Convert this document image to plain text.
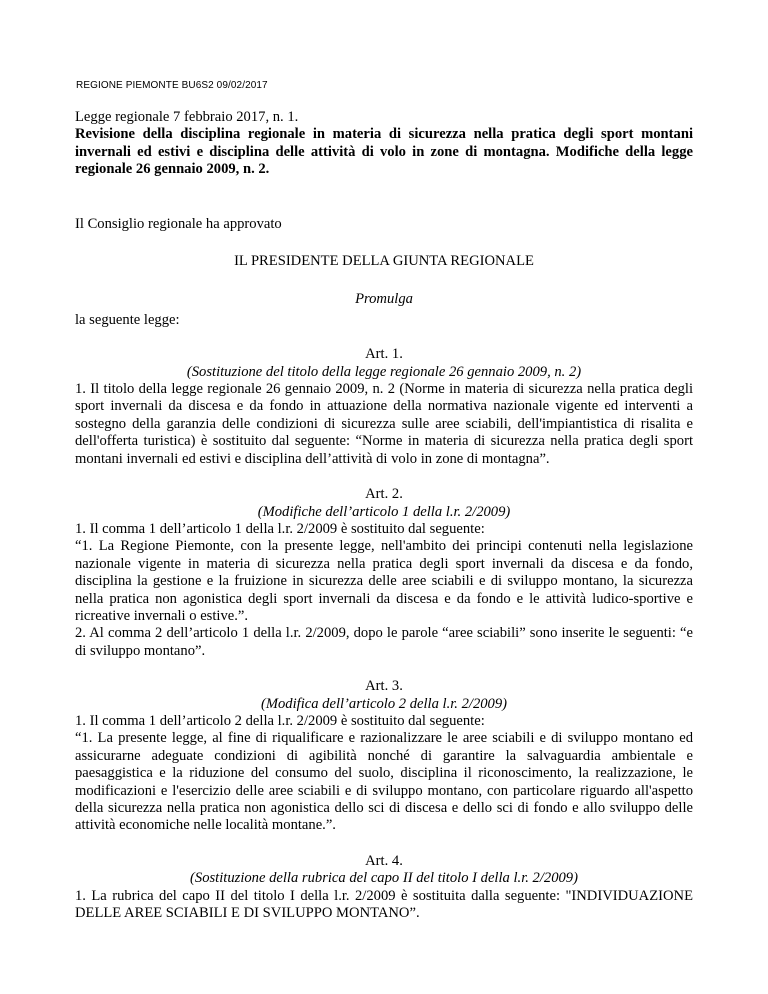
REGIONE PIEMONTE BU6S2 09/02/2017

Legge regionale 7 febbraio 2017, n. 1.

Revisione della disciplina regionale in materia di sicurezza nella pratica degli sport montani invernali ed estivi e disciplina delle attività di volo in zone di montagna. Modifiche della legge regionale 26 gennaio 2009, n. 2.

Il Consiglio regionale ha approvato

IL PRESIDENTE DELLA GIUNTA REGIONALE

Promulga

la seguente legge:

Art. 1.

(Sostituzione del titolo della legge regionale 26 gennaio 2009, n. 2)

1. Il titolo della legge regionale 26 gennaio 2009, n. 2 (Norme in materia di sicurezza nella pratica degli sport invernali da discesa e da fondo in attuazione della normativa nazionale vigente ed interventi a sostegno della garanzia delle condizioni di sicurezza sulle aree sciabili, dell'impiantistica di risalita e dell'offerta turistica) è sostituito dal seguente: “Norme in materia di sicurezza nella pratica degli sport montani invernali ed estivi e disciplina dell’attività di volo in zone di montagna”.

Art. 2.

(Modifiche dell’articolo 1 della l.r. 2/2009)

1. Il comma 1 dell’articolo 1 della l.r. 2/2009 è sostituito dal seguente:

“1. La Regione Piemonte, con la presente legge, nell'ambito dei principi contenuti nella legislazione nazionale vigente in materia di sicurezza nella pratica degli sport invernali da discesa e da fondo, disciplina la gestione e la fruizione in sicurezza delle aree sciabili e di sviluppo montano, la sicurezza nella pratica non agonistica degli sport invernali da discesa e da fondo e le attività ludico-sportive e ricreative invernali o estive.”.

2. Al comma 2 dell’articolo 1 della l.r. 2/2009, dopo le parole “aree sciabili” sono inserite le seguenti: “e di sviluppo montano”.

Art. 3.

(Modifica dell’articolo 2 della l.r. 2/2009)

1. Il comma 1 dell’articolo 2 della l.r. 2/2009 è sostituito dal seguente:

“1. La presente legge, al fine di riqualificare e razionalizzare le aree sciabili e di sviluppo montano ed assicurarne adeguate condizioni di agibilità nonché di garantire la salvaguardia ambientale e paesaggistica e la riduzione del consumo del suolo, disciplina il riconoscimento, la realizzazione, le modificazioni e l'esercizio delle aree sciabili e di sviluppo montano, con particolare riguardo all'aspetto della sicurezza nella pratica non agonistica dello sci di discesa e dello sci di fondo e allo sviluppo delle attività economiche nelle località montane.”.

Art. 4.

(Sostituzione della rubrica del capo II del titolo I della l.r. 2/2009)

1. La rubrica del capo II del titolo I della l.r. 2/2009 è sostituita dalla seguente: "INDIVIDUAZIONE DELLE AREE SCIABILI E DI SVILUPPO MONTANO”.
